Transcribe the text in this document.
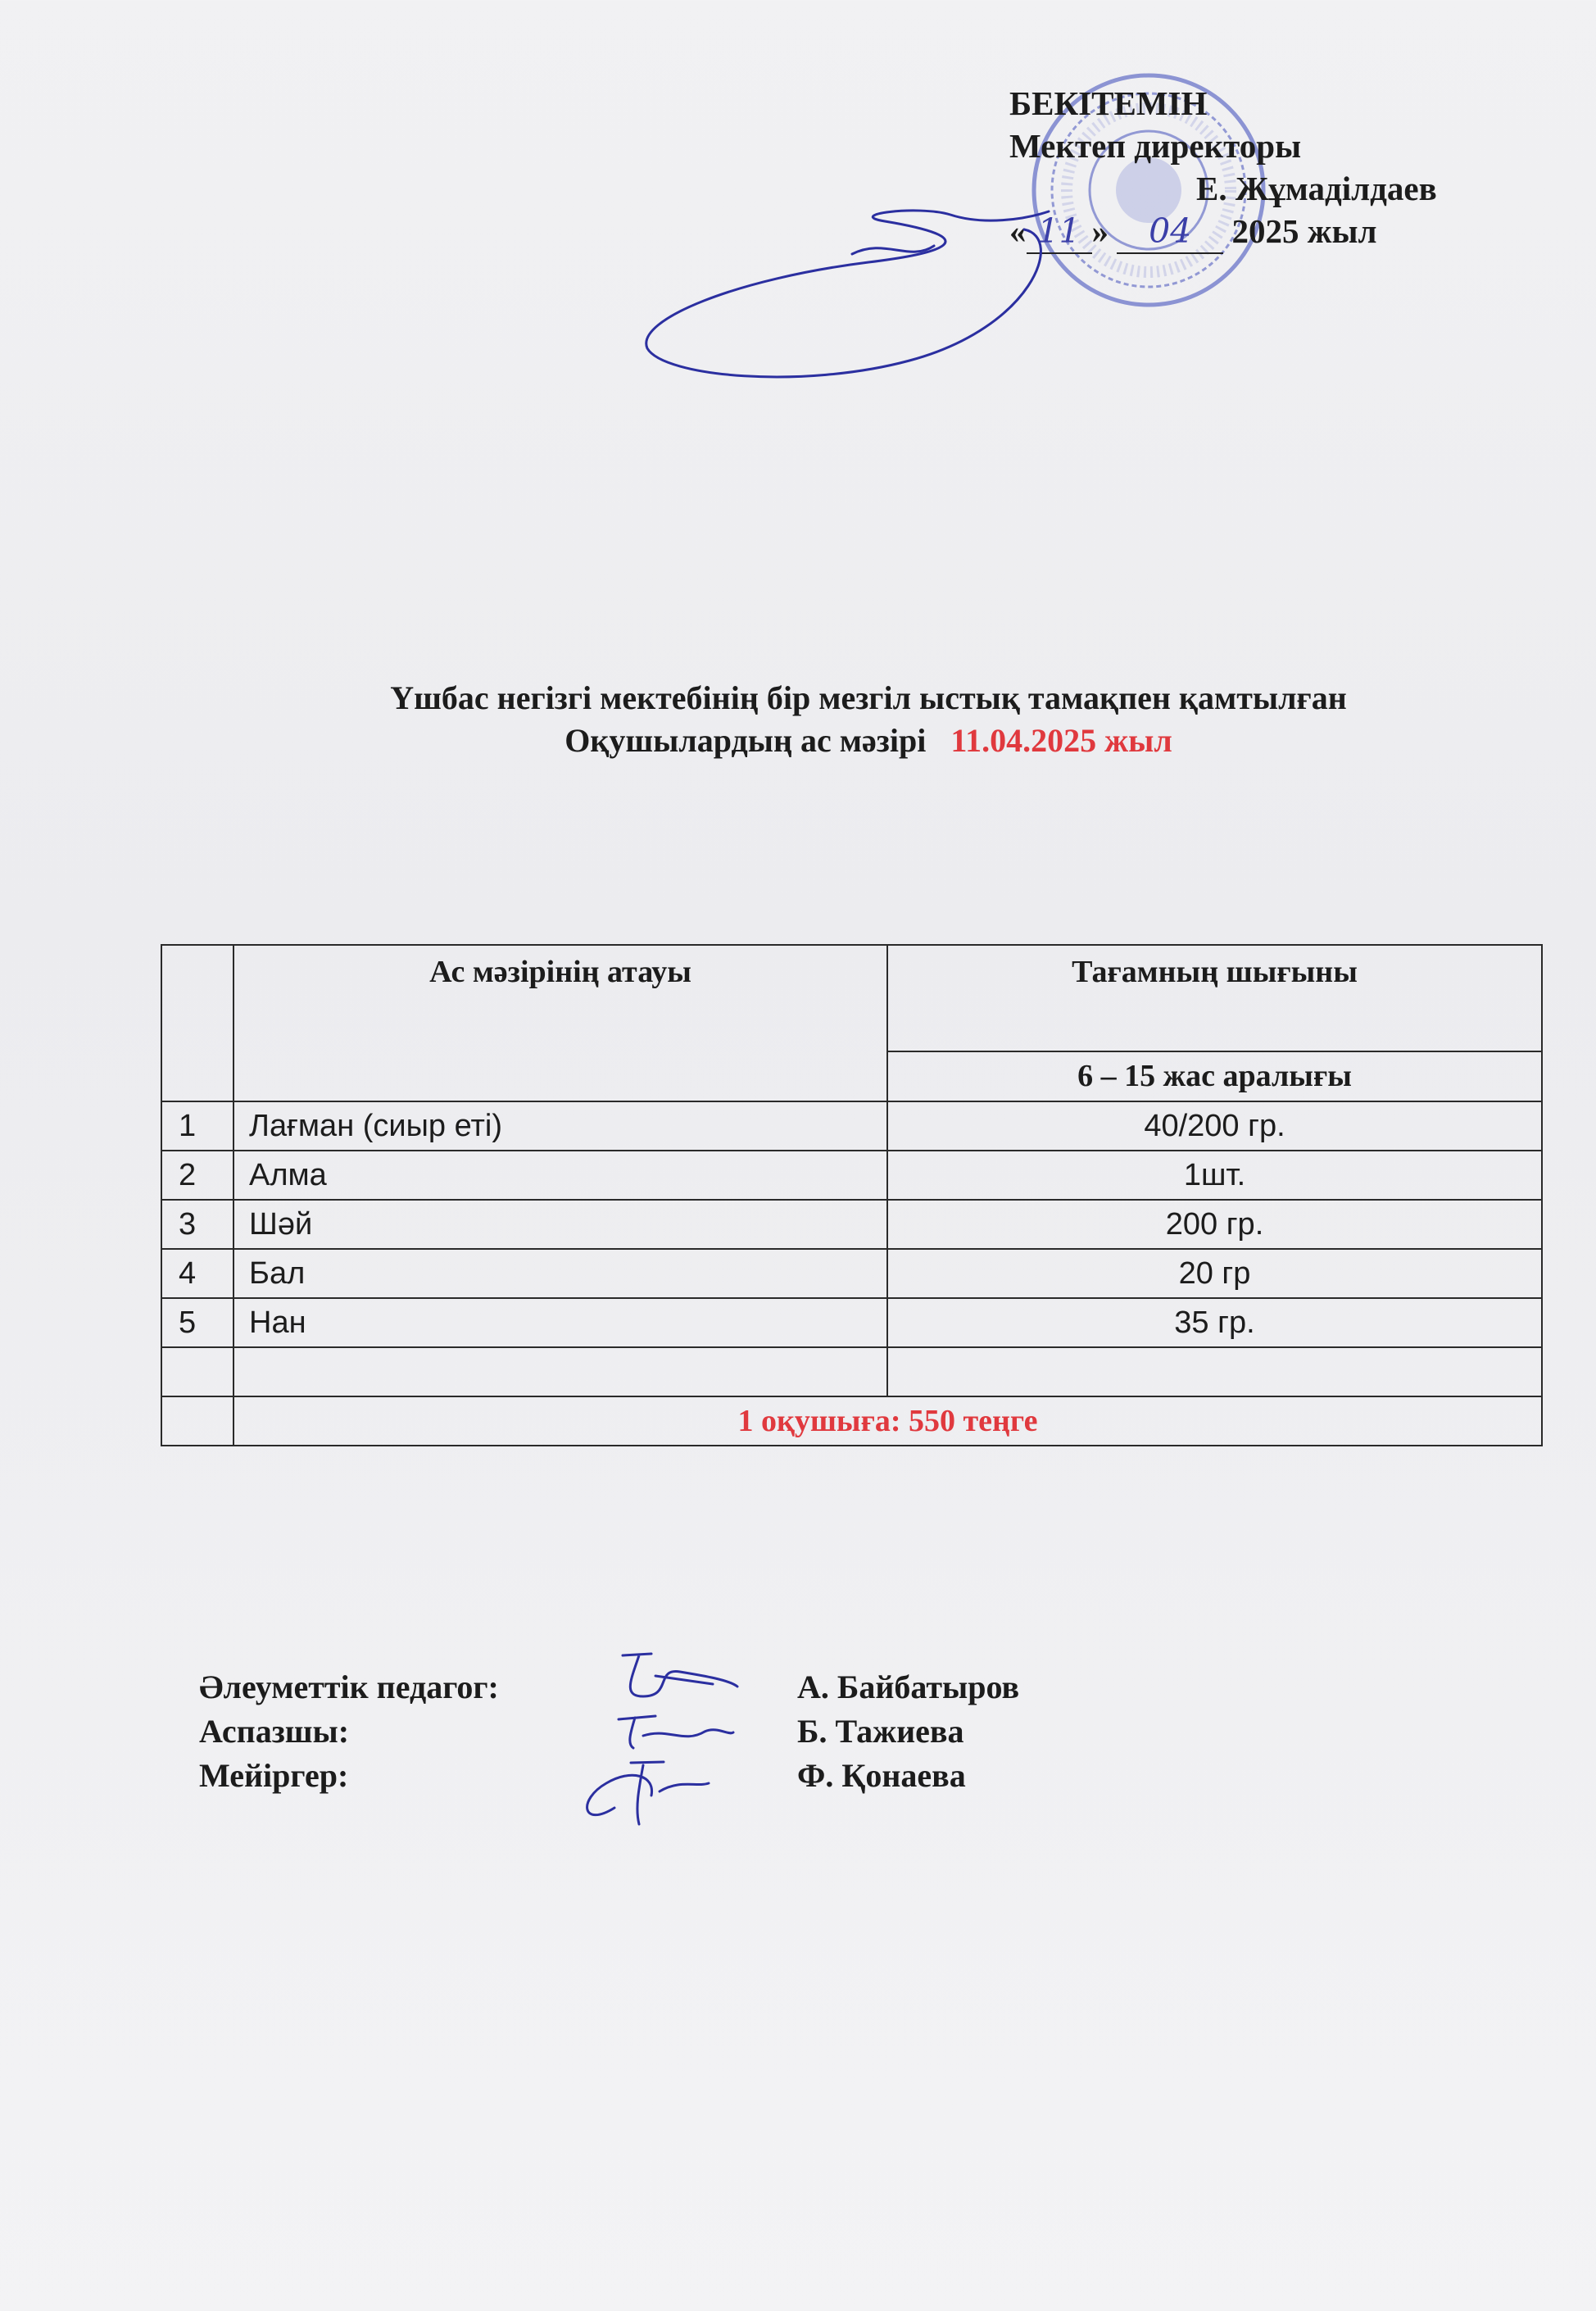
БЕКІТЕМІН
Мектеп директоры
Е. Жұмаділдаев
« 11 » 04 2025 жыл
Үшбас негізгі мектебінің бір мезгіл ыстық тамақпен қамтылған
Оқушылардың ас мәзірі 11.04.2025 жыл
	Ас мәзірінің атауы	Тағамның шығыны
		6 – 15 жас аралығы
1	Лағман (сиыр еті)	40/200 гр.
2	Алма	1шт.
3	Шәй	200 гр.
4	Бал	20 гр
5	Нан	35 гр.

	1 оқушыға: 550 теңге	
Әлеуметтік педагог:	А. Байбатыров
Аспазшы:	Б. Тажиева
Мейіргер:	Ф. Қонаева
